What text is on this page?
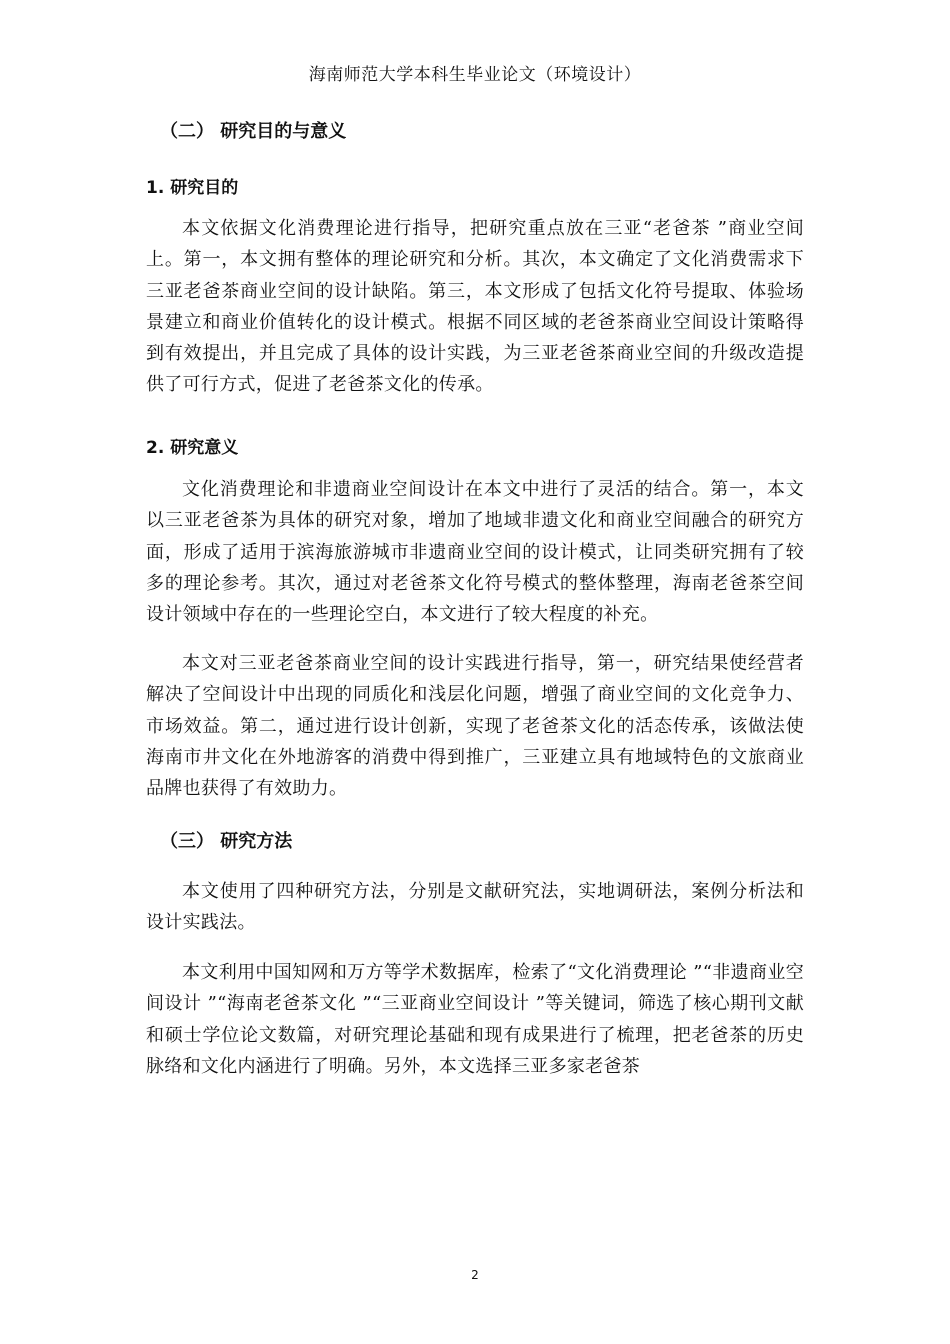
海南师范大学本科生毕业论文（环境设计）
（二） 研究目的与意义
1. 研究目的
本文依据文化消费理论进行指导，把研究重点放在三亚“老爸茶 ”商业空间上。第一，本文拥有整体的理论研究和分析。其次，本文确定了文化消费需求下三亚老爸茶商业空间的设计缺陷。第三，本文形成了包括文化符号提取、体验场景建立和商业价值转化的设计模式。根据不同区域的老爸茶商业空间设计策略得到有效提出，并且完成了具体的设计实践，为三亚老爸茶商业空间的升级改造提供了可行方式，促进了老爸茶文化的传承。
2. 研究意义
文化消费理论和非遗商业空间设计在本文中进行了灵活的结合。第一，本文以三亚老爸茶为具体的研究对象，增加了地域非遗文化和商业空间融合的研究方面，形成了适用于滨海旅游城市非遗商业空间的设计模式，让同类研究拥有了较多的理论参考。其次，通过对老爸茶文化符号模式的整体整理，海南老爸茶空间设计领域中存在的一些理论空白，本文进行了较大程度的补充。
本文对三亚老爸茶商业空间的设计实践进行指导，第一，研究结果使经营者解决了空间设计中出现的同质化和浅层化问题，增强了商业空间的文化竞争力、市场效益。第二，通过进行设计创新，实现了老爸茶文化的活态传承，该做法使海南市井文化在外地游客的消费中得到推广，三亚建立具有地域特色的文旅商业品牌也获得了有效助力。
（三） 研究方法
本文使用了四种研究方法，分别是文献研究法，实地调研法，案例分析法和设计实践法。
本文利用中国知网和万方等学术数据库，检索了“文化消费理论 ”“非遗商业空间设计 ”“海南老爸茶文化 ”“三亚商业空间设计 ”等关键词，筛选了核心期刊文献和硕士学位论文数篇，对研究理论基础和现有成果进行了梳理，把老爸茶的历史脉络和文化内涵进行了明确。另外，本文选择三亚多家老爸茶
2
